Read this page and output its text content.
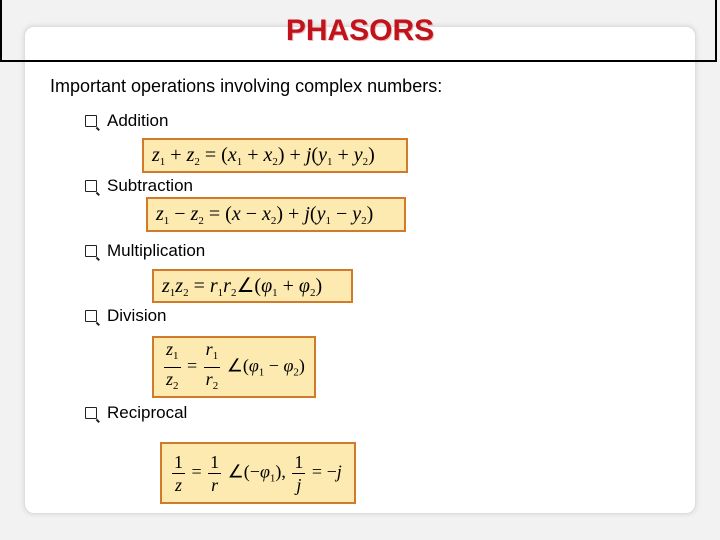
PHASORS
Important operations involving complex numbers:
Addition
$z_1 + z_2 = (x_1 + x_2) + j(y_1 + y_2)$
Subtraction
$z_1 - z_2 = (x - x_2) + j(y_1 - y_2)$
Multiplication
$z_1z_2$ = $r_1r_2\angle(\varphi_1 + \varphi_2)$
Division
$\frac{z_1}{z_2} = \frac{r_1}{r_2}$ $\angle(\varphi_1 - \varphi_2)$
Reciprocal
$\frac{1}{z} = \frac{1}{r}$ $\angle(-\varphi_1)$, $\frac{1}{j} = -j$
